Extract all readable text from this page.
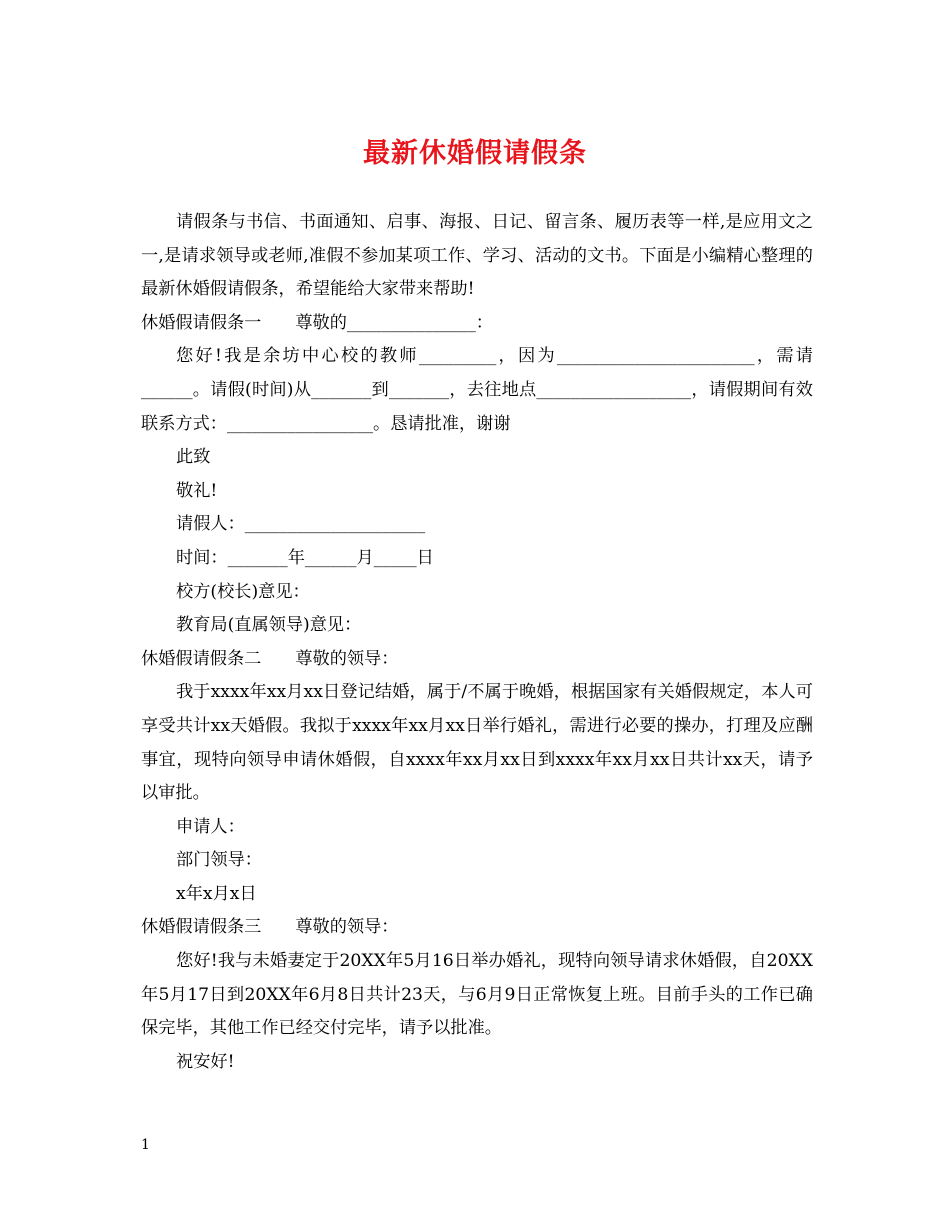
最新休婚假请假条

请假条与书信、书面通知、启事、海报、日记、留言条、履历表等一样,是应用文之一,是请求领导或老师,准假不参加某项工作、学习、活动的文书。下面是小编精心整理的最新休婚假请假条，希望能给大家带来帮助!

休婚假请假条一 尊敬的_______________：

您好!我是余坊中心校的教师_________，因为_______________________，需请______。请假(时间)从_______到_______，去往地点__________________，请假期间有效联系方式：_________________。恳请批准，谢谢

此致

敬礼!

请假人：_____________________

时间：_______年______月_____日

校方(校长)意见：

教育局(直属领导)意见：

休婚假请假条二 尊敬的领导：

我于xxxx年xx月xx日登记结婚，属于/不属于晚婚，根据国家有关婚假规定，本人可享受共计xx天婚假。我拟于xxxx年xx月xx日举行婚礼，需进行必要的操办，打理及应酬事宜，现特向领导申请休婚假，自xxxx年xx月xx日到xxxx年xx月xx日共计xx天，请予以审批。

申请人：

部门领导：

x年x月x日

休婚假请假条三 尊敬的领导：

您好!我与未婚妻定于20XX年5月16日举办婚礼，现特向领导请求休婚假，自20XX年5月17日到20XX年6月8日共计23天，与6月9日正常恢复上班。目前手头的工作已确保完毕，其他工作已经交付完毕，请予以批准。

祝安好!

1
